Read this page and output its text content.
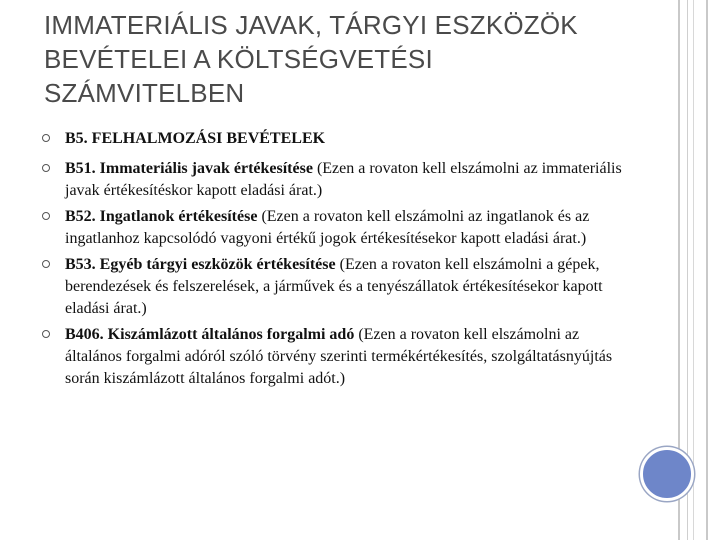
IMMATERIÁLIS JAVAK, TÁRGYI ESZKÖZÖK
BEVÉTELEI A KÖLTSÉGVETÉSI
SZÁMVITELBEN
B5. FELHALMOZÁSI BEVÉTELEK
B51. Immateriális javak értékesítése (Ezen a rovaton kell elszámolni az immateriális javak értékesítéskor kapott eladási árat.)
B52. Ingatlanok értékesítése (Ezen a rovaton kell elszámolni az ingatlanok és az ingatlanhoz kapcsolódó vagyoni értékű jogok értékesítésekor kapott eladási árat.)
B53. Egyéb tárgyi eszközök értékesítése (Ezen a rovaton kell elszámolni a gépek, berendezések és felszerelések, a járművek és a tenyészállatok értékesítésekor kapott eladási árat.)
B406. Kiszámlázott általános forgalmi adó (Ezen a rovaton kell elszámolni az általános forgalmi adóról szóló törvény szerinti termékértékesítés, szolgáltatásnyújtás során kiszámlázott általános forgalmi adót.)
